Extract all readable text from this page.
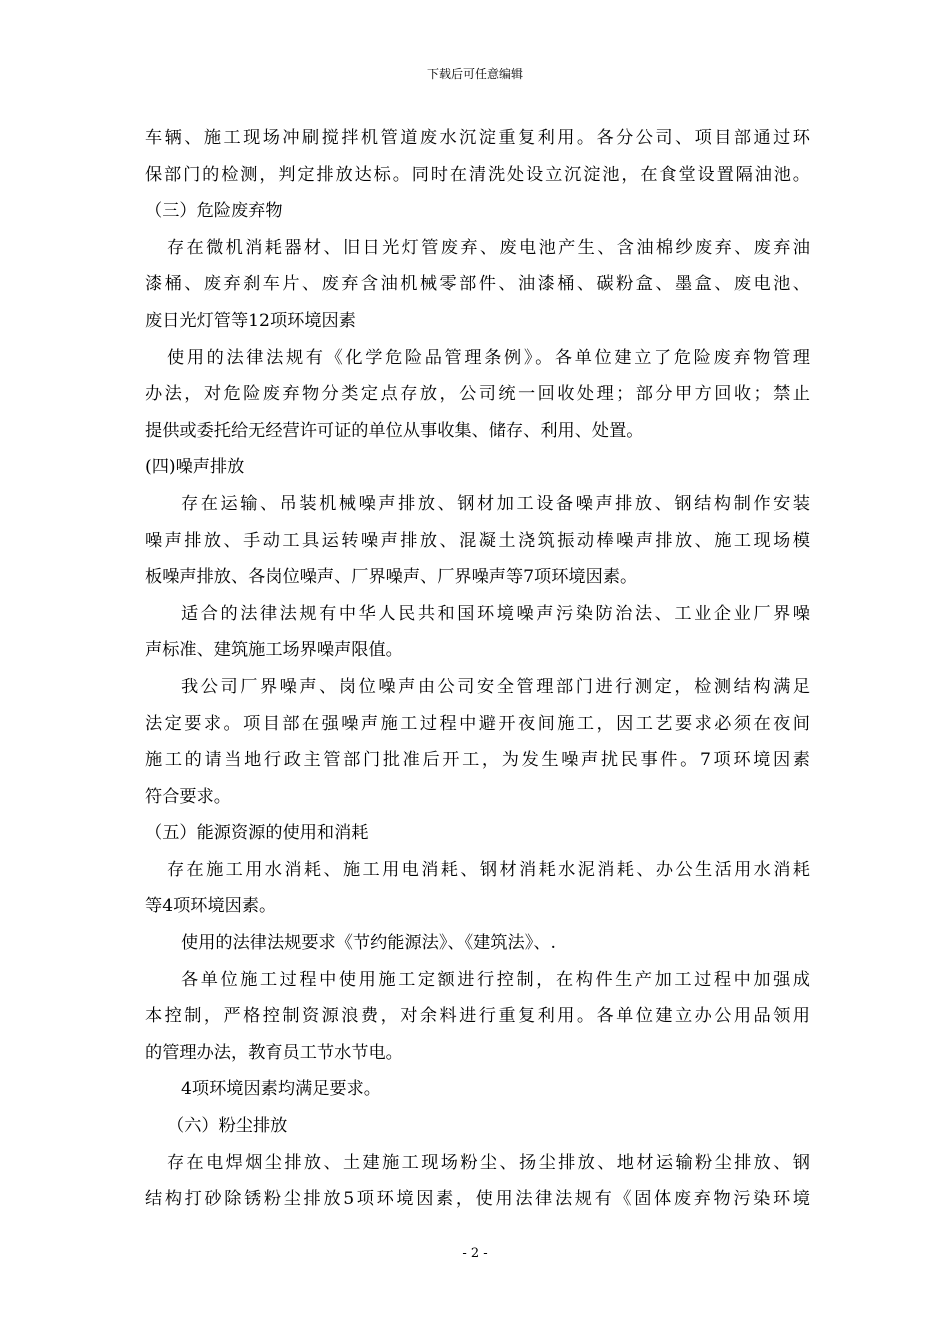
下载后可任意编辑
车辆、施工现场冲刷搅拌机管道废水沉淀重复利用。各分公司、项目部通过环
保部门的检测，判定排放达标。同时在清洗处设立沉淀池，在食堂设置隔油池。
（三）危险废弃物
存在微机消耗器材、旧日光灯管废弃、废电池产生、含油棉纱废弃、废弃油
漆桶、废弃刹车片、废弃含油机械零部件、油漆桶、碳粉盒、墨盒、废电池、
废日光灯管等12项环境因素
使用的法律法规有《化学危险品管理条例》。各单位建立了危险废弃物管理
办法，对危险废弃物分类定点存放，公司统一回收处理；部分甲方回收；禁止
提供或委托给无经营许可证的单位从事收集、储存、利用、处置。
(四)噪声排放
存在运输、吊装机械噪声排放、钢材加工设备噪声排放、钢结构制作安装
噪声排放、手动工具运转噪声排放、混凝土浇筑振动棒噪声排放、施工现场模
板噪声排放、各岗位噪声、厂界噪声、厂界噪声等7项环境因素。
适合的法律法规有中华人民共和国环境噪声污染防治法、工业企业厂界噪
声标准、建筑施工场界噪声限值。
我公司厂界噪声、岗位噪声由公司安全管理部门进行测定，检测结构满足
法定要求。项目部在强噪声施工过程中避开夜间施工，因工艺要求必须在夜间
施工的请当地行政主管部门批准后开工，为发生噪声扰民事件。7项环境因素
符合要求。
（五）能源资源的使用和消耗
存在施工用水消耗、施工用电消耗、钢材消耗水泥消耗、办公生活用水消耗
等4项环境因素。
使用的法律法规要求《节约能源法》、《建筑法》、.
各单位施工过程中使用施工定额进行控制，在构件生产加工过程中加强成
本控制，严格控制资源浪费，对余料进行重复利用。各单位建立办公用品领用
的管理办法，教育员工节水节电。
4项环境因素均满足要求。
（六）粉尘排放
存在电焊烟尘排放、土建施工现场粉尘、扬尘排放、地材运输粉尘排放、钢
结构打砂除锈粉尘排放5项环境因素，使用法律法规有《固体废弃物污染环境
- 2 -
